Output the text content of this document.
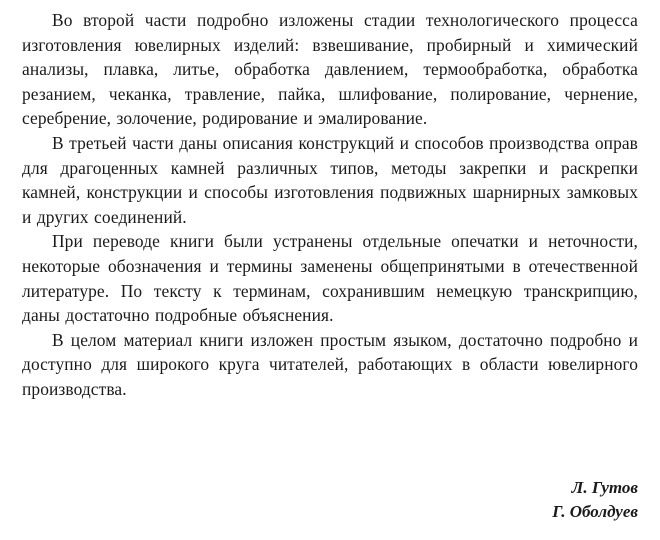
Во второй части подробно изложены стадии технологического процесса изготовления ювелирных изделий: взвешивание, пробирный и химический анализы, плавка, литье, обработка давлением, термообработка, обработка резанием, чеканка, травление, пайка, шлифование, полирование, чернение, серебрение, золочение, родирование и эмалирование.

В третьей части даны описания конструкций и способов производства оправ для драгоценных камней различных типов, методы закрепки и раскрепки камней, конструкции и способы изготовления подвижных шарнирных замковых и других соединений.

При переводе книги были устранены отдельные опечатки и неточности, некоторые обозначения и термины заменены общепринятыми в отечественной литературе. По тексту к терминам, сохранившим немецкую транскрипцию, даны достаточно подробные объяснения.

В целом материал книги изложен простым языком, достаточно подробно и доступно для широкого круга читателей, работающих в области ювелирного производства.

Л. Гутов
Г. Оболдуев
